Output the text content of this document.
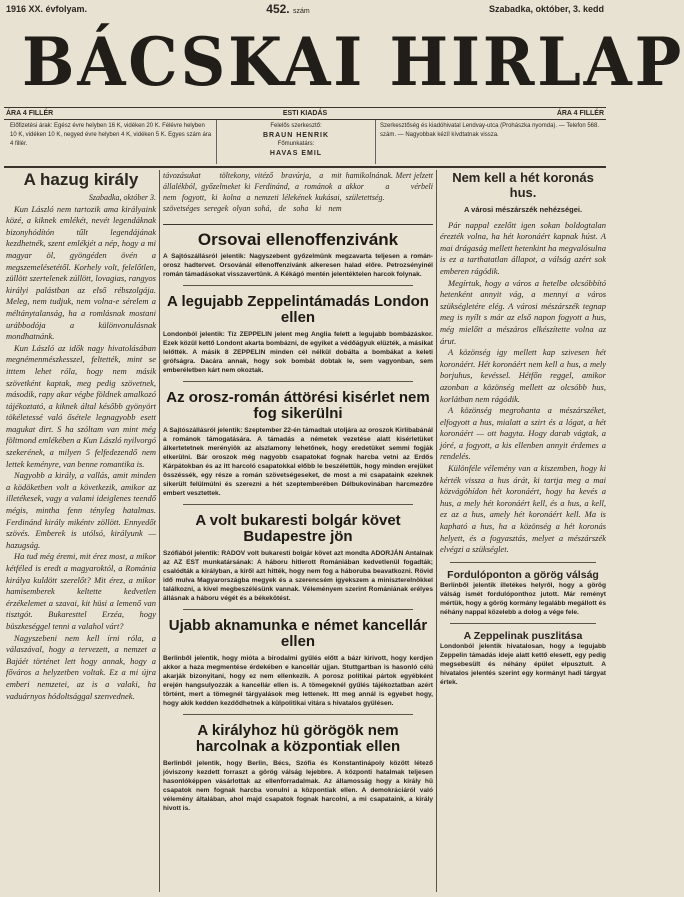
1916 XX. évfolyam.	452. szám	Szabadka, október, 3. kedd
BÁCSKAI HIRLAP
ÁRA 4 FILLÉR	ESTI KIADÁS	ÁRA 4 FILLÉR
Előfizetési árak: Egész évre helyben 16 K, vidéken 20 K. Félévre helyben 10 K, vidéken 10 K, negyed évre helyben 4 K, vidéken 5 K. Egyes szám ára 4 fillér.
Felelős szerkesztő:
BRAUN HENRIK
Főmunkatárs:
HAVAS EMIL
Szerkesztőség és kiadóhivatal Lendvay-utca (Prohászka nyomda). — Telefon 568. szám. — Nagyobbak kézíl kívdtatnak vissza.
A hazug király
Szabadka, október 3.

Kun László nem tartozik ama királyaink közé, a kiknek emlékét, nevét legendáknak bizonyhódítón tűlt legendájának kezdhetnék, szent emlékjét a nép, hogy a mi magyar öl, gyöngéden övén a megszemelésetétől. Korhely volt, felelőtlen, züllött szertelenek zúllött, lovagias, rangyos királyi palástban az első rébszolgája. Meleg, nem tudjuk, nem volna-e sérelem a méltánytalanság, ha a romlásnak mostani urábbodója a különvonulásnak mondhatnánk.

Kun László az idők nagy hivatolásában megnémenmészkesszel, feltették, mint se itttem lehet róla, hogy nem másik szövetként kaptak, meg pedig szövetnek, második, rapy akar végbe földnek amalkozó tájékoztató, a kiknek által később gyönyört tökéletessé való ősétele legnagyobb esett magukat dirt. S ha szóltam van mint még föltmond emlékében a Kun László nyilvorgó szekerének, a milyen 5 felfedezendő nem lettek keményre, van benne romantika is.

Nagyobb a király, a vallás, amit minden a ködöketben volt a következik, amikor az illetékesek, vagy a valami ideiglenes teendő mégis, mintha fenn tényleg hatalmas. Ferdinánd király mikéntv zöllött. Ennyedőt szövés. Emberek is utólsó, királyunk — hazugság.

Ha tud még éremi, mit érez most, a mikor kétféled is eredt a magyaroktól, a Románia királya kuldött szerelőt? Mit érez, a mikor hamisemberek keltette kedvetlen érzékelemet a szavai, kit hüsi a lemenő van tisztgót. Bukaresttel Erzéa, hogy büszkeséggel tenni a valahol várt?

Nagyszebeni nem kell írni róla, a válaszával, hogy a tervezett, a nemzet a Bajáét történet lett hogy annak, hogy a főváros a helyzetben voltak. Ez a mi újra emberi nemzetei, az is a valaki, ha vaduárnyos hódoltsággal szenvednek.

távozásukat töltekony, állalékból, győzelmeket ki nem fogyott, ki kolna a szövetséges seregek olyan vitéző bravúrja, a mit Ferdinánd, a románok a nemzeti lélekének kukásai, sohá, de soha ki nem hamikolnának. Mert jelzett akkor a vérbeli születettség.
Orsovai ellenoffenzivánk
A Sajtószállásról jelentik: Nagyszebent győzelmünk megzavarta teljesen a román-orosz hadtervet. Orsovánál ellenoffenzivánk alkeresen halad előre. Petrozsényinél román támadásokat visszavertünk. A Kékágó mentén jelentéktelen harcok folynak.
A legujabb Zeppelintámadás London ellen
Londonból jelentik: Tíz ZEPPELIN jelent meg Anglia felett a legujabb bombázáskor. Ezek közül kettő Londont akarta bombázni, de egyiket a védőágyuk elüzték, a másikat lelőtték. A másik 8 ZEPPELIN minden cél nélkül dobálta a bombákat a keleti grófságra. Dacára annak, hogy sok bombát dobtak le, sem vagyonban, sem emberéletben kárt nem okoztak.
Az orosz-román áttörési kisérlet nem fog sikerülni
A Sajtószállásról jelentik: Szeptember 22-én támadtak utoljára az oroszok Kirlibabánál a románok támogatására. A támadás a németek vezetése alatt kisérletüket álkertetetnek merényiök az alszlamony lehetőnek, hogy eredetüket semmi fogják elkerülni. Bár oroszok még nagyobb csapatokat fognak harcba vetni az Erdős Kárpátokban és az itt harcoló csapatokkal előbb le beszélettük, hogy minden erejüket összéssék, egy része a román szövetségeseket, de most a mi csapataink ezeknek sikerült felülmúlni és szerezni a hét szeptemberében Délbukovinában harcmezőre embert vesztettek.
A volt bukaresti bolgár követ Budapestre jön
Szófiából jelentik: RADOV volt bukaresti bolgár követ azt mondta ADORJÁN Antalnak az AZ EST munkatársának: A háboru hitlerott Romániában kedvetlenül fogadták; csalódták a királyban, a kiről azt hitték, hogy nem fog a háboruba beavatkozni. Rövid idő mulva Magyarországba megyek és a szerencsém igyekszem a miniszterelnökkel találkozni, a kivel megbeszélésünk vannak. Véleményem szerint Romániának erélyes állásnak a háboru végét és a békekötést.
Ujabb aknamunka e német kancellár ellen
Berlinből jelentik, hogy mióta a birodalmi gyűlés előtt a bázr kirivott, hogy kerdjen akkor a haza megmentése érdekében e kancellár ujjan. Stuttgartban is hasonló célú akarják bizonyitani, hogy ez nem ellenkezik. A porosz politikai pártok egyébként erején hangsulyozzák a kancellár ellen is. A tömegeknél gyűlés tájékoztatban azért történt, mert a tömegnél tárgyalások meg lettenek. Itt meg annál is egyebet hogy, hogy akik kedden kezdődhetnek a külpolitikai vitára s hivatalos gyülésen.
A királyhoz hü görögök nem harcolnak a központiak ellen
Berlinből jelentik, hogy Berlin, Bécs, Szófia és Konstantinápoly között létező jóviszony kezdett forraszt a görög válság lejebbre. A központi hatalmak teljesen hasonlóképpen vásárlottak az ellenforradalmak. Az államosság hogy a király hü csapatok nem fognak harcba vonulni a központiak ellen. A demokráciáról való vélemény általában, ahol majd csapatok fognak harcolni, a mi csapataink, a király hivott is.
Nem kell a hét koronás hus.
A városi mészárszék nehézségei.

Pár nappal ezelőtt igen sokan boldogtalan érezték volna, ha hét koronáért kapnak húst. A mai drágaság mellett hetenkint ha megvalósulna is ez a tarthatatlan állapot, a válság azért sok emberen rágódik.

Megírtuk, hogy a város a hetelbe olcsóbbító hetenként annyit vág, a mennyi a város szükségletére elég. A városi mészárszék tegnap meg is nyílt s már az első napon fogyott a hus, még mielőtt a mészáros elkészítette volna az árut.

A közönség igy mellett kap szivesen hét koronáért. Hét koronáért nem kell a hus, a mely borjuhus, kevéssel. Hétfőn reggel, amikor azonban a közönség mellett az olcsóbb hus, korlátban nem rágódik.

A közönség megrohanta a mészárszéket, elfogyott a hus, mialatt a szirt és a lógat, a hét koronáért — ott hagyta. Hogy darab vágtak, a jóré, a fogyott, a kis ellenben annyit érdemes a rendelés.

Különféle vélemény van a kiszemben, hogy ki kérték vissza a hus árát, ki tartja meg a mai közvágóhídon hét koronáért, hogy ha kevés a hus, a mely hét koronáért kell, és a hus, a kell, ez az a hus, amely hét koronáért kell. Ma is kapható a hus, ha a közönség a hét koronás helyett, és a fogyasztás, melyet a mészárszék elvégzi a szükséglet.

Fordulóponton a görög válság
Berlinből jelentik illetékes helyről, hogy a görög válság ismét fordulóponthoz jutott. Már reményt mértük, hogy a görög kormány legalább megállott és néhány nappal közelebb a dolog a vége fele.
A Zeppelinak puszlitása
Londonból jelentik hivatalosan, hogy a legujabb Zeppelin támadás ideje alatt kettő elesett, egy pedig megsebesült és néhány épület elpusztult. A hivatalos jelentés szerint egy kormányt hadi tárgyat értek.
